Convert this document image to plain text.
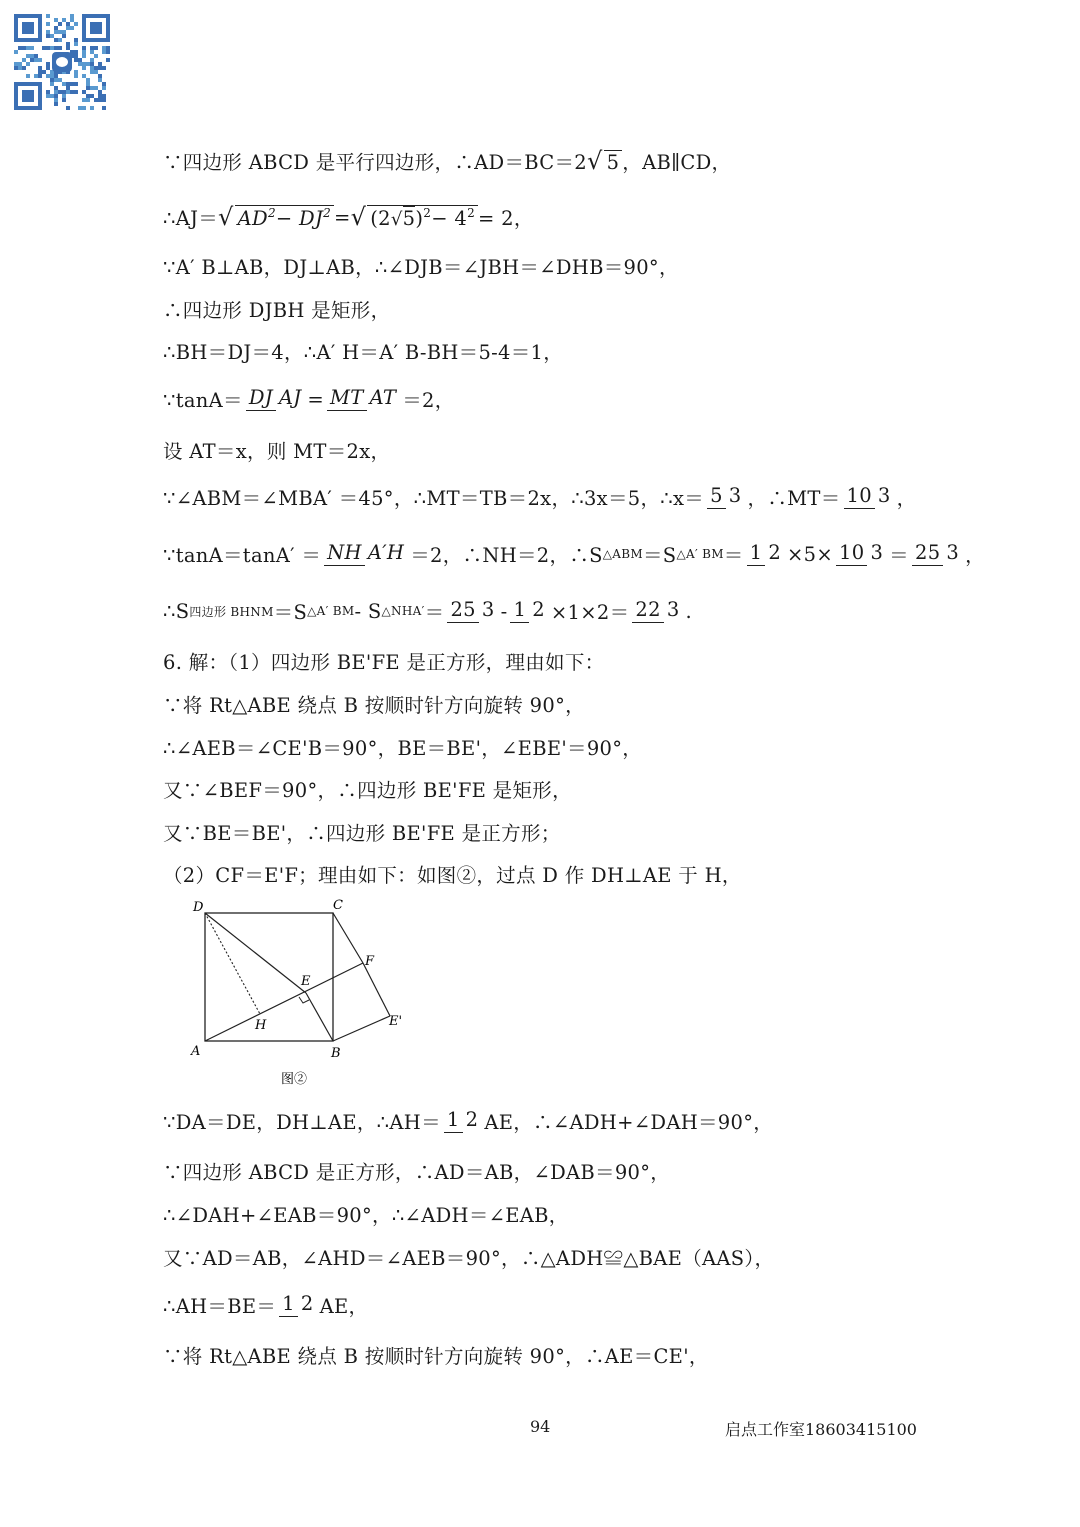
∵四边形 ABCD 是平行四边形，∴AD＝BC＝2 √ 5 ，AB∥CD，
∴AJ＝ √ AD2− DJ2 = √ (2√5)2− 42 = 2，
∵A′ B⊥AB，DJ⊥AB，∴∠DJB＝∠JBH＝∠DHB＝90°，
∴四边形 DJBH 是矩形，
∴BH＝DJ＝4，∴A′ H＝A′ B-BH＝5-4＝1，
∵tanA＝ DJ AJ = MT AT ＝2，
设 AT＝x，则 MT＝2x，
∵∠ABM＝∠MBA′ ＝45°，∴MT＝TB＝2x，∴3x＝5，∴x＝ 5 3 ，∴MT＝ 10 3 ，
∵tanA＝tanA′ ＝ NH A′H ＝2，∴NH＝2，∴S △ABM ＝S △A′ BM ＝ 1 2 ×5× 10 3 ＝ 25 3 ，
∴S 四边形 BHNM ＝S △A′ BM - S △NHA′ ＝ 25 3 - 1 2 ×1×2＝ 22 3 .
6. 解：（1）四边形 BE'FE 是正方形，理由如下：
∵将 Rt△ABE 绕点 B 按顺时针方向旋转 90°，
∴∠AEB＝∠CE'B＝90°，BE＝BE'，∠EBE'＝90°，
又∵∠BEF＝90°，∴四边形 BE'FE 是矩形，
又∵BE＝BE'，∴四边形 BE'FE 是正方形；
（2）CF＝E'F；理由如下：如图②，过点 D 作 DH⊥AE 于 H，
∵DA＝DE，DH⊥AE，∴AH＝ 1 2 AE，∴∠ADH+∠DAH＝90°，
∵四边形 ABCD 是正方形，∴AD＝AB，∠DAB＝90°，
∴∠DAH+∠EAB＝90°，∴∠ADH＝∠EAB，
又∵AD＝AB，∠AHD＝∠AEB＝90°，∴△ADH≌△BAE（AAS），
∴AH＝BE＝ 1 2 AE，
∵将 Rt△ABE 绕点 B 按顺时针方向旋转 90°，∴AE＝CE'，
D	C
A	B
E
F
H	E'
图②
94	启点工作室18603415100
